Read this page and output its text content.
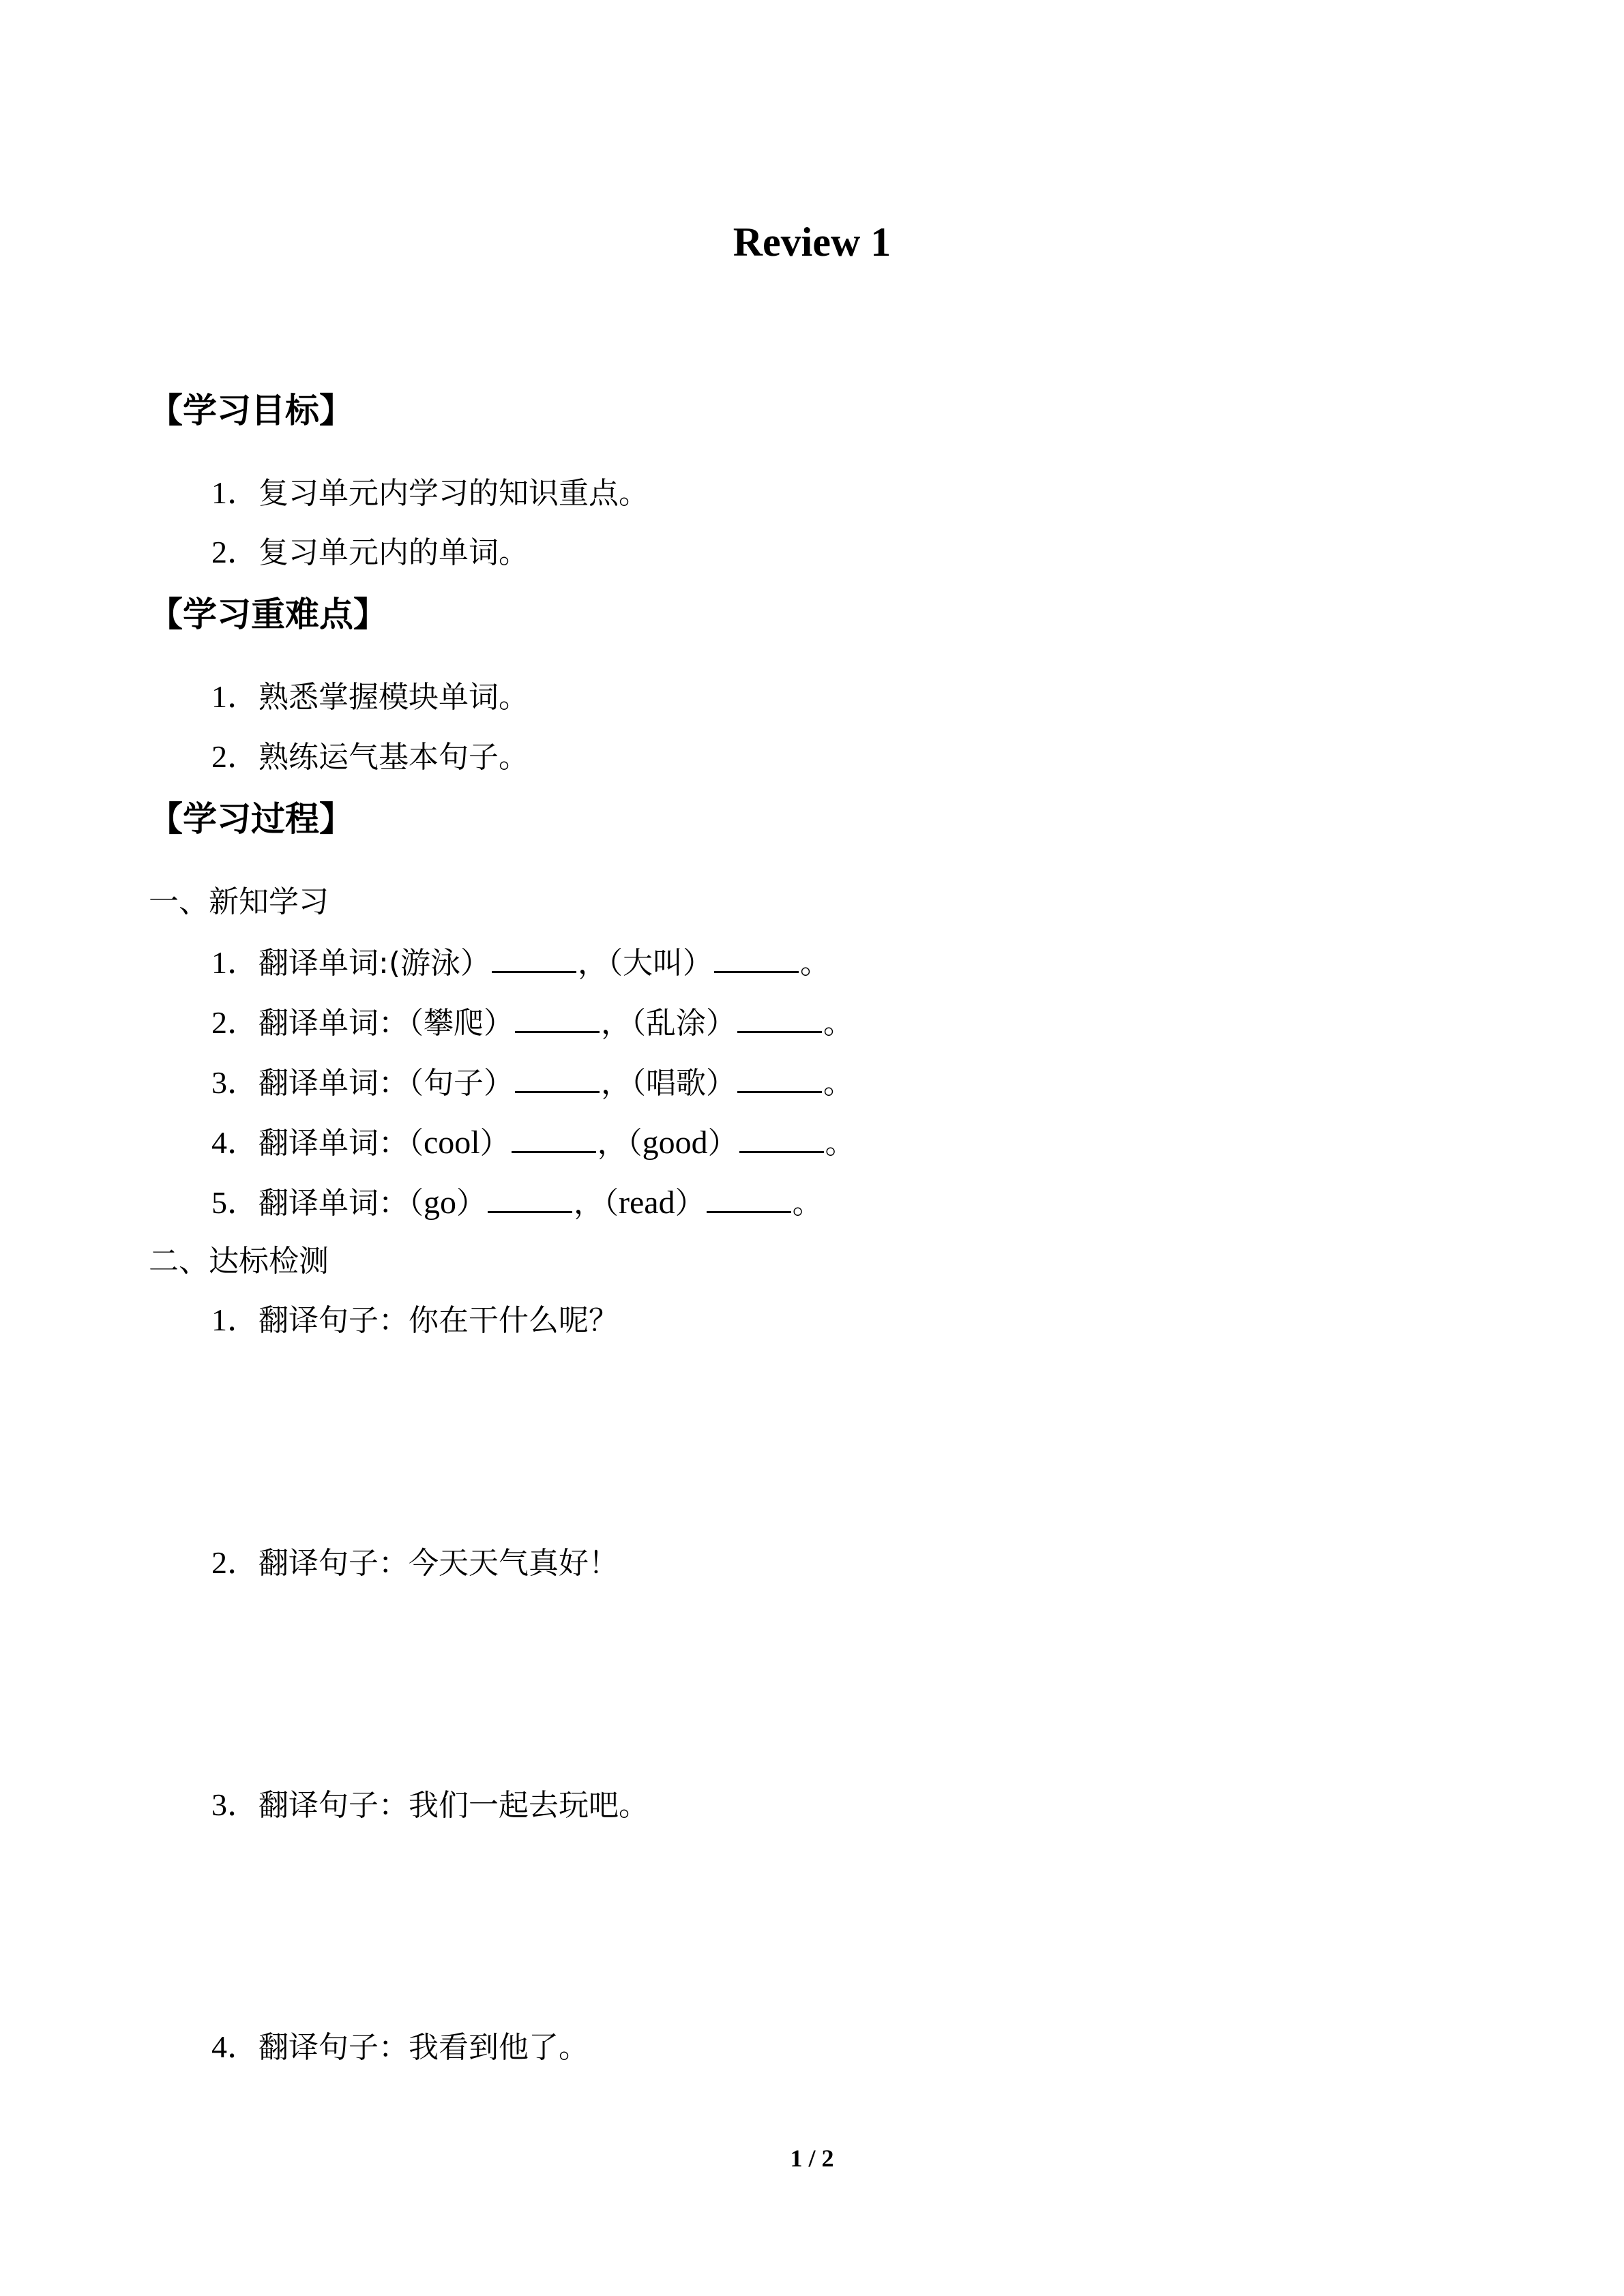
Review 1
【学习目标】
1．复习单元内学习的知识重点。
2．复习单元内的单词。
【学习重难点】
1．熟悉掌握模块单词。
2．熟练运气基本句子。
【学习过程】
一、新知学习
1．翻译单词:(游泳）	，（大叫）	。
2．翻译单词：（攀爬）	，（乱涂）	。
3．翻译单词：（句子）	，（唱歌）	。
4．翻译单词：（cool）	，（good）	。
5．翻译单词：（go）	，（read）	。
二、达标检测
1．翻译句子：你在干什么呢？
2．翻译句子：今天天气真好！
3．翻译句子：我们一起去玩吧。
4．翻译句子：我看到他了。
1 / 2
